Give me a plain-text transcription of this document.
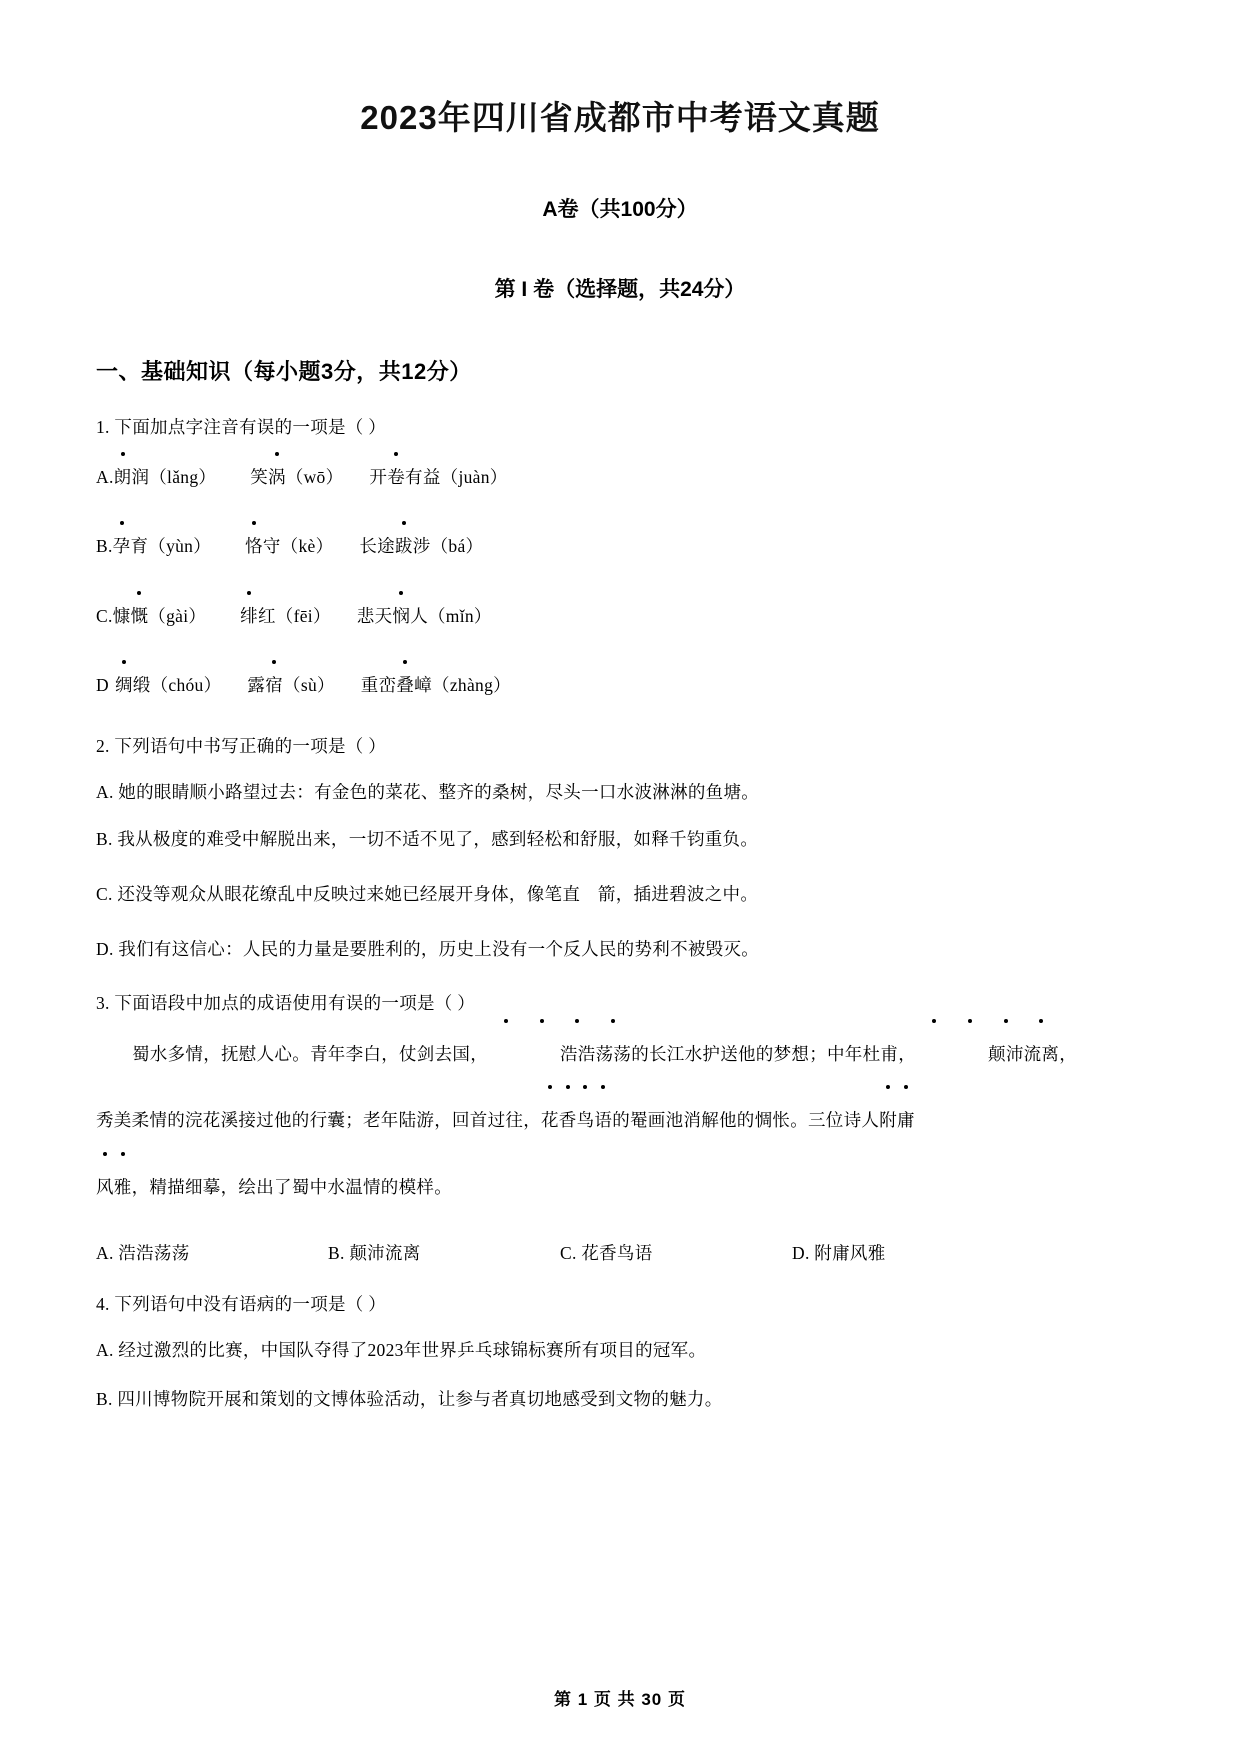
2023年四川省成都市中考语文真题

A卷（共100分）

第 I 卷（选择题，共24分）

一、基础知识（每小题3分，共12分）

1. 下面加点字注音有误的一项是（ ）

A.朗润（lǎng） 笑涡（wō） 开卷有益（juàn）

B.孕育（yùn） 恪守（kè） 长途跋涉（bá）

C.慷慨（gài） 绯红（fēi） 悲天悯人（mǐn）

D 绸缎（chóu） 露宿（sù） 重峦叠嶂（zhàng）

2. 下列语句中书写正确的一项是（ ）

A. 她的眼睛顺小路望过去：有金色的菜花、整齐的桑树，尽头一口水波淋淋的鱼塘。

B. 我从极度的难受中解脱出来，一切不适不见了，感到轻松和舒服，如释千钧重负。

C. 还没等观众从眼花缭乱中反映过来她已经展开身体，像笔直　箭，插进碧波之中。

D. 我们有这信心：人民的力量是要胜利的，历史上没有一个反人民的势利不被毁灭。

3. 下面语段中加点的成语使用有误的一项是（ ）

蜀水多情，抚慰人心。青年李白，仗剑去国，	浩浩荡荡的长江水护送他的梦想；中年杜甫，	颠沛流离，

秀美柔情的浣花溪接过他的行囊；老年陆游，回首过往，
花香鸟语的罨画池消解他的惆怅。三位诗人
附庸

风雅，精描细摹，绘出了蜀中水温情的模样。

A. 浩浩荡荡	B. 颠沛流离	C. 花香鸟语	D. 附庸风雅

4. 下列语句中没有语病的一项是（ ）

A. 经过激烈的比赛，中国队夺得了2023年世界乒乓球锦标赛所有项目的冠军。

B. 四川博物院开展和策划的文博体验活动，让参与者真切地感受到文物的魅力。

第 1 页 共 30 页
